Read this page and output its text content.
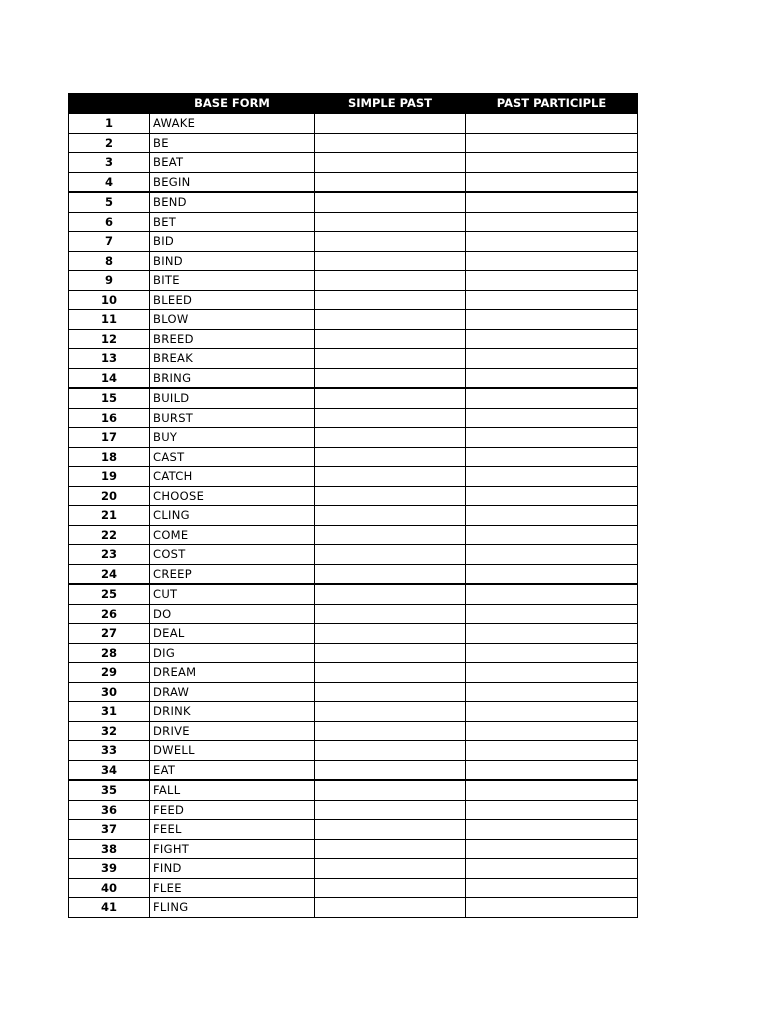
	BASE FORM	SIMPLE PAST	PAST PARTICIPLE
1	AWAKE		
2	BE		
3	BEAT		
4	BEGIN		
5	BEND		
6	BET		
7	BID		
8	BIND		
9	BITE		
10	BLEED		
11	BLOW		
12	BREED		
13	BREAK		
14	BRING		
15	BUILD		
16	BURST		
17	BUY		
18	CAST		
19	CATCH		
20	CHOOSE		
21	CLING		
22	COME		
23	COST		
24	CREEP		
25	CUT		
26	DO		
27	DEAL		
28	DIG		
29	DREAM		
30	DRAW		
31	DRINK		
32	DRIVE		
33	DWELL		
34	EAT		
35	FALL		
36	FEED		
37	FEEL		
38	FIGHT		
39	FIND		
40	FLEE		
41	FLING		
